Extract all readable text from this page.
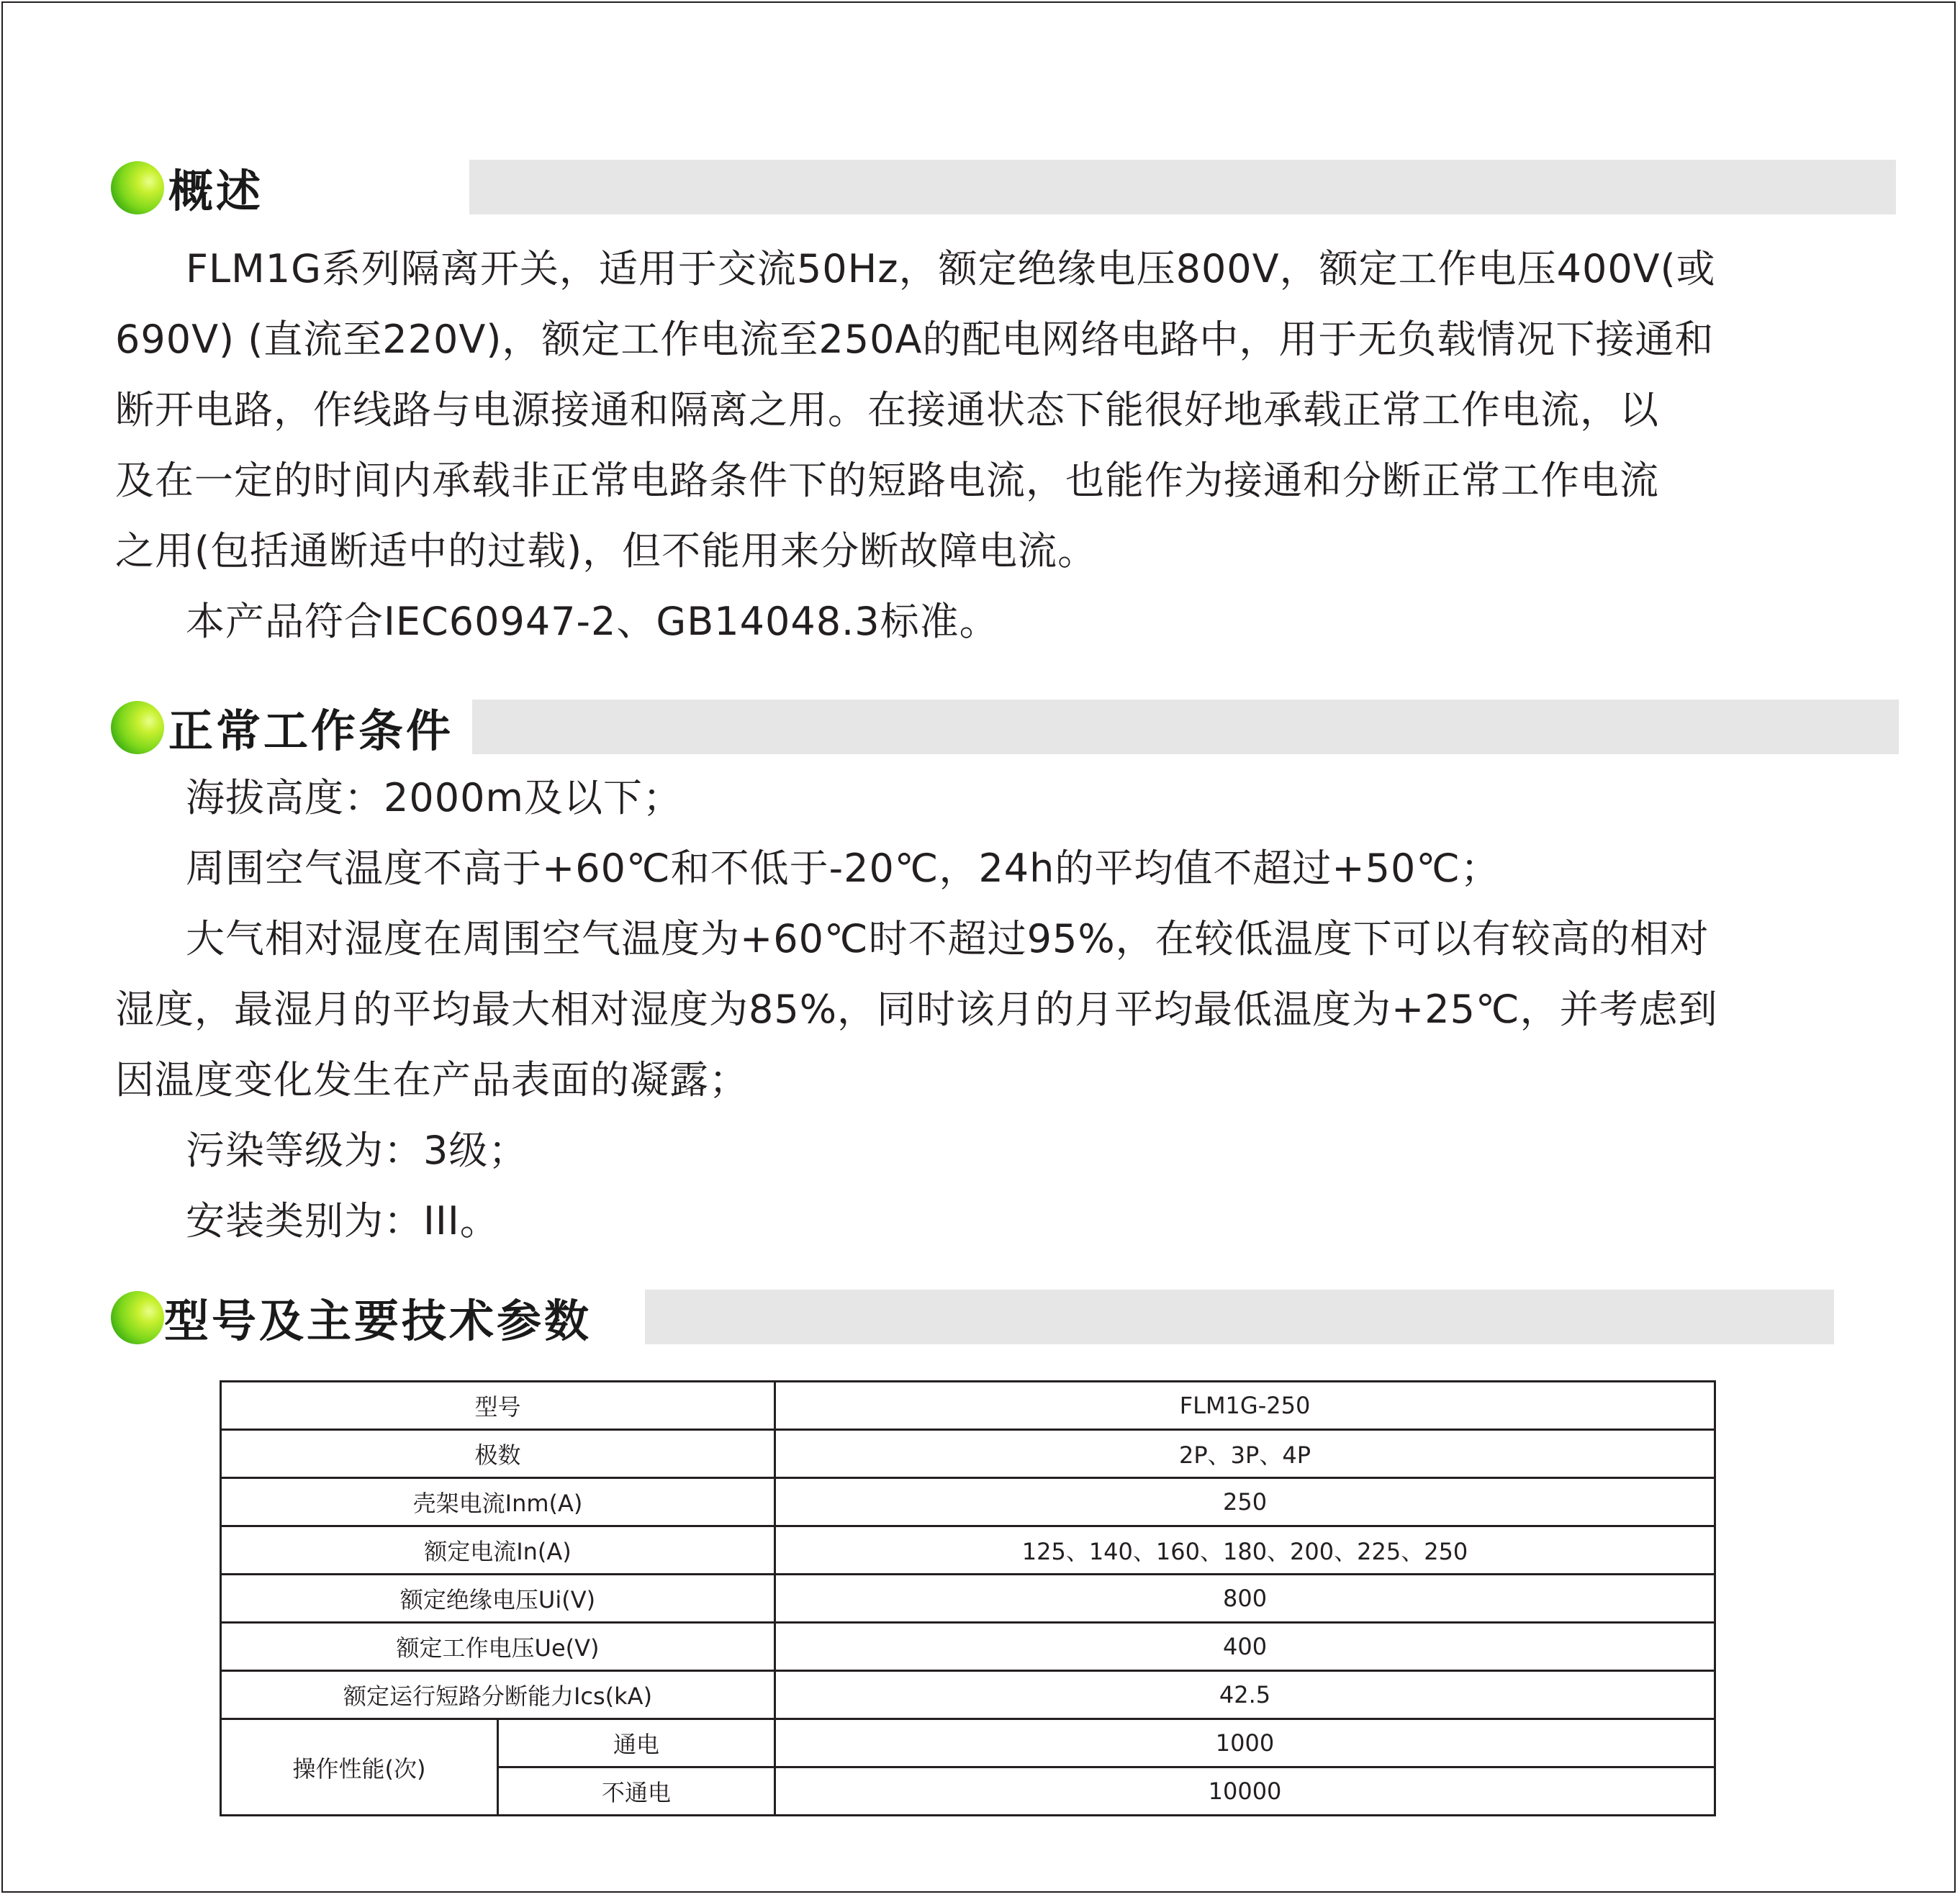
概述
FLM1G系列隔离开关，适用于交流50Hz，额定绝缘电压800V，额定工作电压400V(或
690V) (直流至220V)，额定工作电流至250A的配电网络电路中，用于无负载情况下接通和
断开电路，作线路与电源接通和隔离之用。在接通状态下能很好地承载正常工作电流，以
及在一定的时间内承载非正常电路条件下的短路电流，也能作为接通和分断正常工作电流
之用(包括通断适中的过载)，但不能用来分断故障电流。
本产品符合IEC60947-2、GB14048.3标准。
正常工作条件
海拔高度：2000m及以下；
周围空气温度不高于+60℃和不低于-20℃，24h的平均值不超过+50℃；
大气相对湿度在周围空气温度为+60℃时不超过95%，在较低温度下可以有较高的相对
湿度，最湿月的平均最大相对湿度为85%，同时该月的月平均最低温度为+25℃，并考虑到
因温度变化发生在产品表面的凝露；
污染等级为：3级；
安装类别为：III。
型号及主要技术参数
型号		FLM1G-250
极数		2P、3P、4P
壳架电流Inm(A)		250
额定电流In(A)		125、140、160、180、200、225、250
额定绝缘电压Ui(V)		800
额定工作电压Ue(V)		400
额定运行短路分断能力Ics(kA)		42.5
操作性能(次)	通电	1000
	不通电	10000
